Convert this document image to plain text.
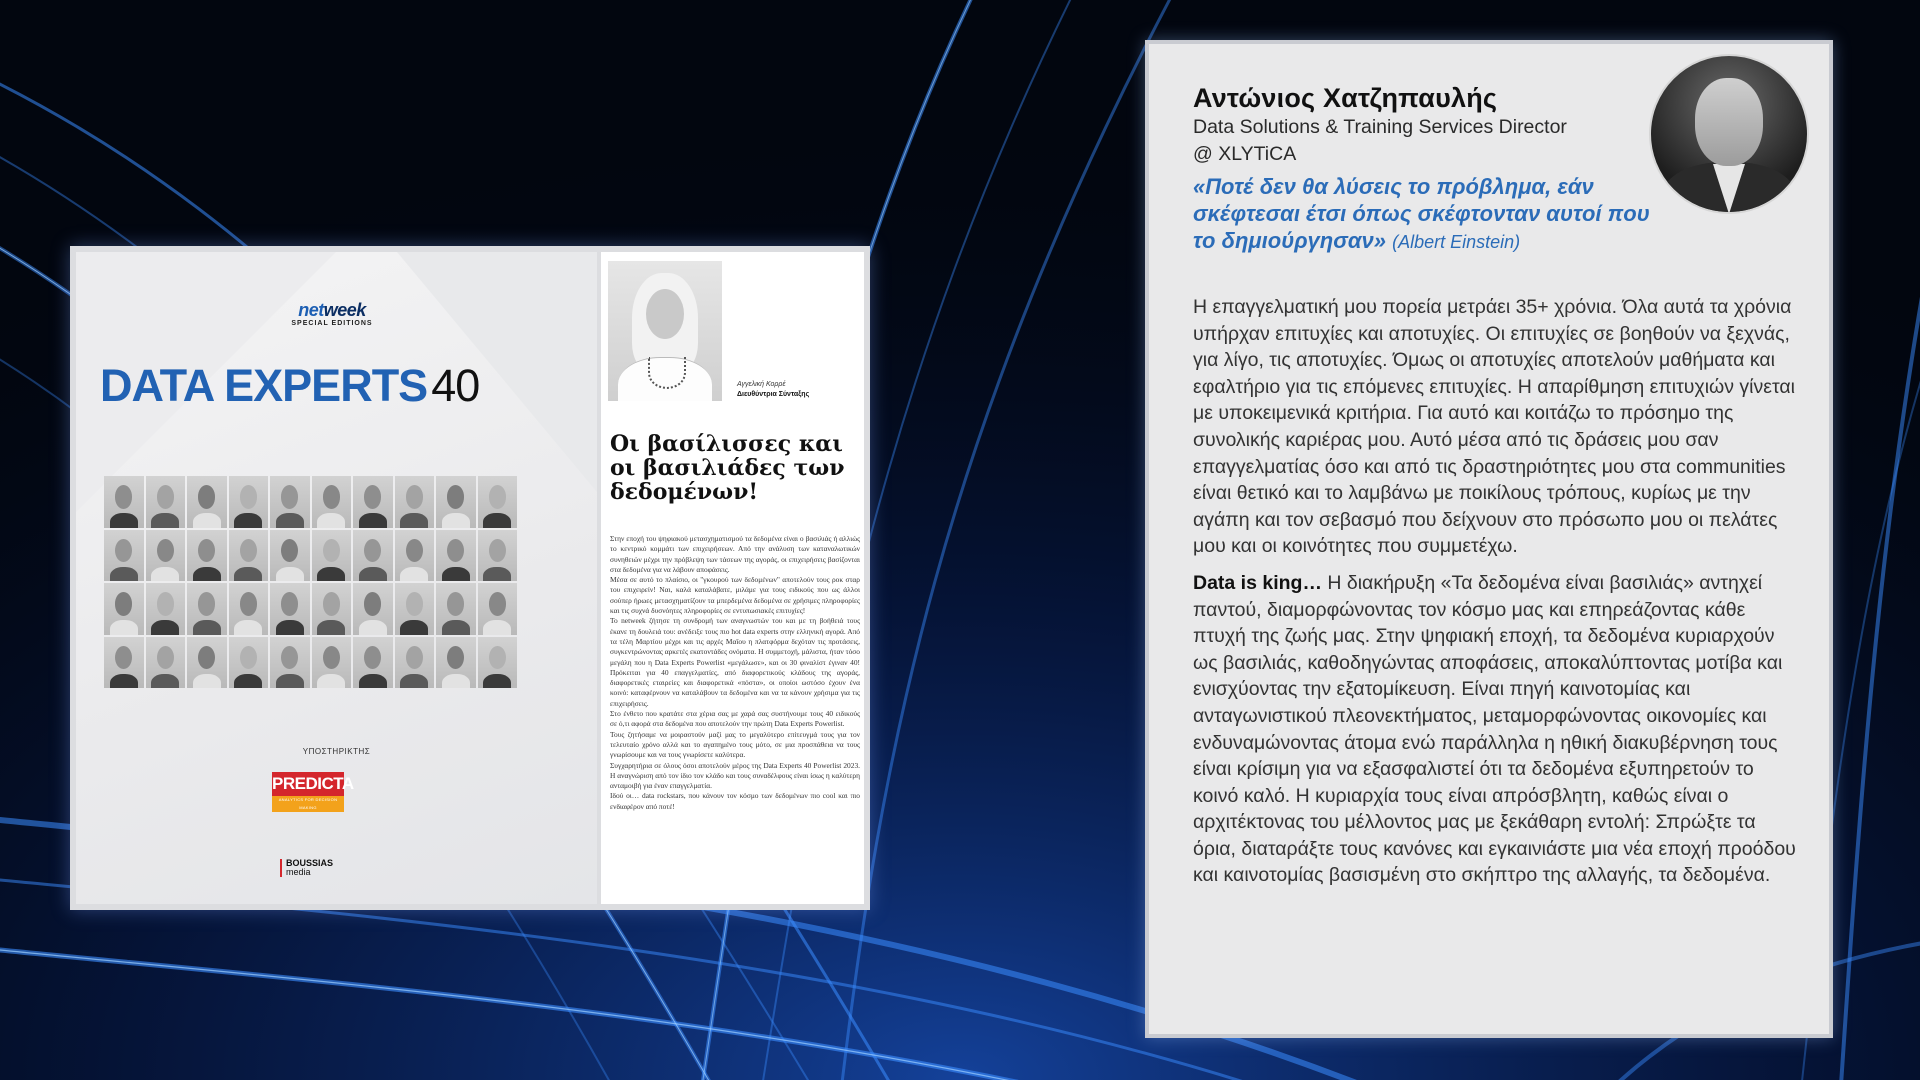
netweek
SPECIAL EDITIONS
DATA EXPERTS40
ΥΠΟΣΤΗΡΙΚΤΗΣ
PREDICTA
ANALYTICS FOR DECISION MAKING
BOUSSIAS
media
Αγγελική Κορρέ
Διευθύντρια Σύνταξης
Οι βασίλισσες και οι βασιλιάδες των δεδομένων!

Στην εποχή του ψηφιακού μετασχηματισμού τα δεδομένα είναι ο βασιλιάς ή αλλιώς το κεντρικό κομμάτι των επιχειρήσεων. Από την ανάλυση των καταναλωτικών συνηθειών μέχρι την πρόβλεψη των τάσεων της αγοράς, οι επιχειρήσεις βασίζονται στα δεδομένα για να λάβουν αποφάσεις.

Μέσα σε αυτό το πλαίσιο, οι "γκουρού των δεδομένων" αποτελούν τους ροκ σταρ του επιχειρείν! Ναι, καλά καταλάβατε, μιλάμε για τους ειδικούς που ως άλλοι σούπερ ήρωες μετασχηματίζουν τα μπερδεμένα δεδομένα σε χρήσιμες πληροφορίες και τις συχνά δυσνόητες πληροφορίες σε εντυπωσιακές επιτυχίες!

Το netweek ζήτησε τη συνδρομή των αναγνωστών του και με τη βοήθειά τους έκανε τη δουλειά του: ανέδειξε τους πιο hot data experts στην ελληνική αγορά. Από τα τέλη Μαρτίου μέχρι και τις αρχές Μαΐου η πλατφόρμα δεχόταν τις προτάσεις, συγκεντρώνοντας αρκετές εκατοντάδες ονόματα. Η συμμετοχή, μάλιστα, ήταν τόσο μεγάλη που η Data Experts Powerlist «μεγάλωσε», και οι 30 φιναλίστ έγιναν 40! Πρόκειται για 40 επαγγελματίες, από διαφορετικούς κλάδους της αγοράς, διαφορετικές εταιρείες και διαφορετικά «πόστα», οι οποίοι ωστόσο έχουν ένα κοινό: καταφέρνουν να καταλάβουν τα δεδομένα και να τα κάνουν χρήσιμα για τις επιχειρήσεις.

Στο ένθετο που κρατάτε στα χέρια σας με χαρά σας συστήνουμε τους 40 ειδικούς σε ό,τι αφορά στα δεδομένα που αποτελούν την πρώτη Data Experts Powerlist.

Τους ζητήσαμε να μοιραστούν μαζί μας το μεγαλύτερο επίτευγμά τους για τον τελευταίο χρόνο αλλά και το αγαπημένο τους μότο, σε μια προσπάθεια να τους γνωρίσουμε και να τους γνωρίσετε καλύτερα.

Συγχαρητήρια σε όλους όσοι αποτελούν μέρος της Data Experts 40 Powerlist 2023. Η αναγνώριση από τον ίδιο τον κλάδο και τους συναδέλφους είναι ίσως η καλύτερη ανταμοιβή για έναν επαγγελματία.

Ιδού οι… data rockstars, που κάνουν τον κόσμο των δεδομένων πιο cool και πιο ενδιαφέρον από ποτέ!

Αντώνιος Χατζηπαυλής
Data Solutions & Training Services Director
@ XLYTiCA
«Ποτέ δεν θα λύσεις το πρόβλημα, εάν σκέφτεσαι έτσι όπως σκέφτονταν αυτοί που το δημιούργησαν» (Albert Einstein)

Η επαγγελματική μου πορεία μετράει 35+ χρόνια. Όλα αυτά τα χρόνια υπήρχαν επιτυχίες και αποτυχίες. Οι επιτυχίες σε βοηθούν να ξεχνάς, για λίγο, τις αποτυχίες. Όμως οι αποτυχίες αποτελούν μαθήματα και εφαλτήριο για τις επόμενες επιτυχίες. Η απαρίθμηση επιτυχιών γίνεται με υποκειμενικά κριτήρια. Για αυτό και κοιτάζω το πρόσημο της συνολικής καριέρας μου. Αυτό μέσα από τις δράσεις μου σαν επαγγελματίας όσο και από τις δραστηριότητες μου στα communities είναι θετικό και το λαμβάνω με ποικίλους τρόπους, κυρίως με την αγάπη και τον σεβασμό που δείχνουν στο πρόσωπο μου οι πελάτες μου και οι κοινότητες που συμμετέχω.

Data is king… Η διακήρυξη «Τα δεδομένα είναι βασιλιάς» αντηχεί παντού, διαμορφώνοντας τον κόσμο μας και επηρεάζοντας κάθε πτυχή της ζωής μας. Στην ψηφιακή εποχή, τα δεδομένα κυριαρχούν ως βασιλιάς, καθοδηγώντας αποφάσεις, αποκαλύπτοντας μοτίβα και ενισχύοντας την εξατομίκευση. Είναι πηγή καινοτομίας και ανταγωνιστικού πλεονεκτήματος, μεταμορφώνοντας οικονομίες και ενδυναμώνοντας άτομα ενώ παράλληλα η ηθική διακυβέρνηση τους είναι κρίσιμη για να εξασφαλιστεί ότι τα δεδομένα εξυπηρετούν το κοινό καλό. Η κυριαρχία τους είναι απρόσβλητη, καθώς είναι ο αρχιτέκτονας του μέλλοντος μας με ξεκάθαρη εντολή: Σπρώξτε τα όρια, διαταράξτε τους κανόνες και εγκαινιάστε μια νέα εποχή προόδου και καινοτομίας βασισμένη στο σκήπτρο της αλλαγής, τα δεδομένα.
